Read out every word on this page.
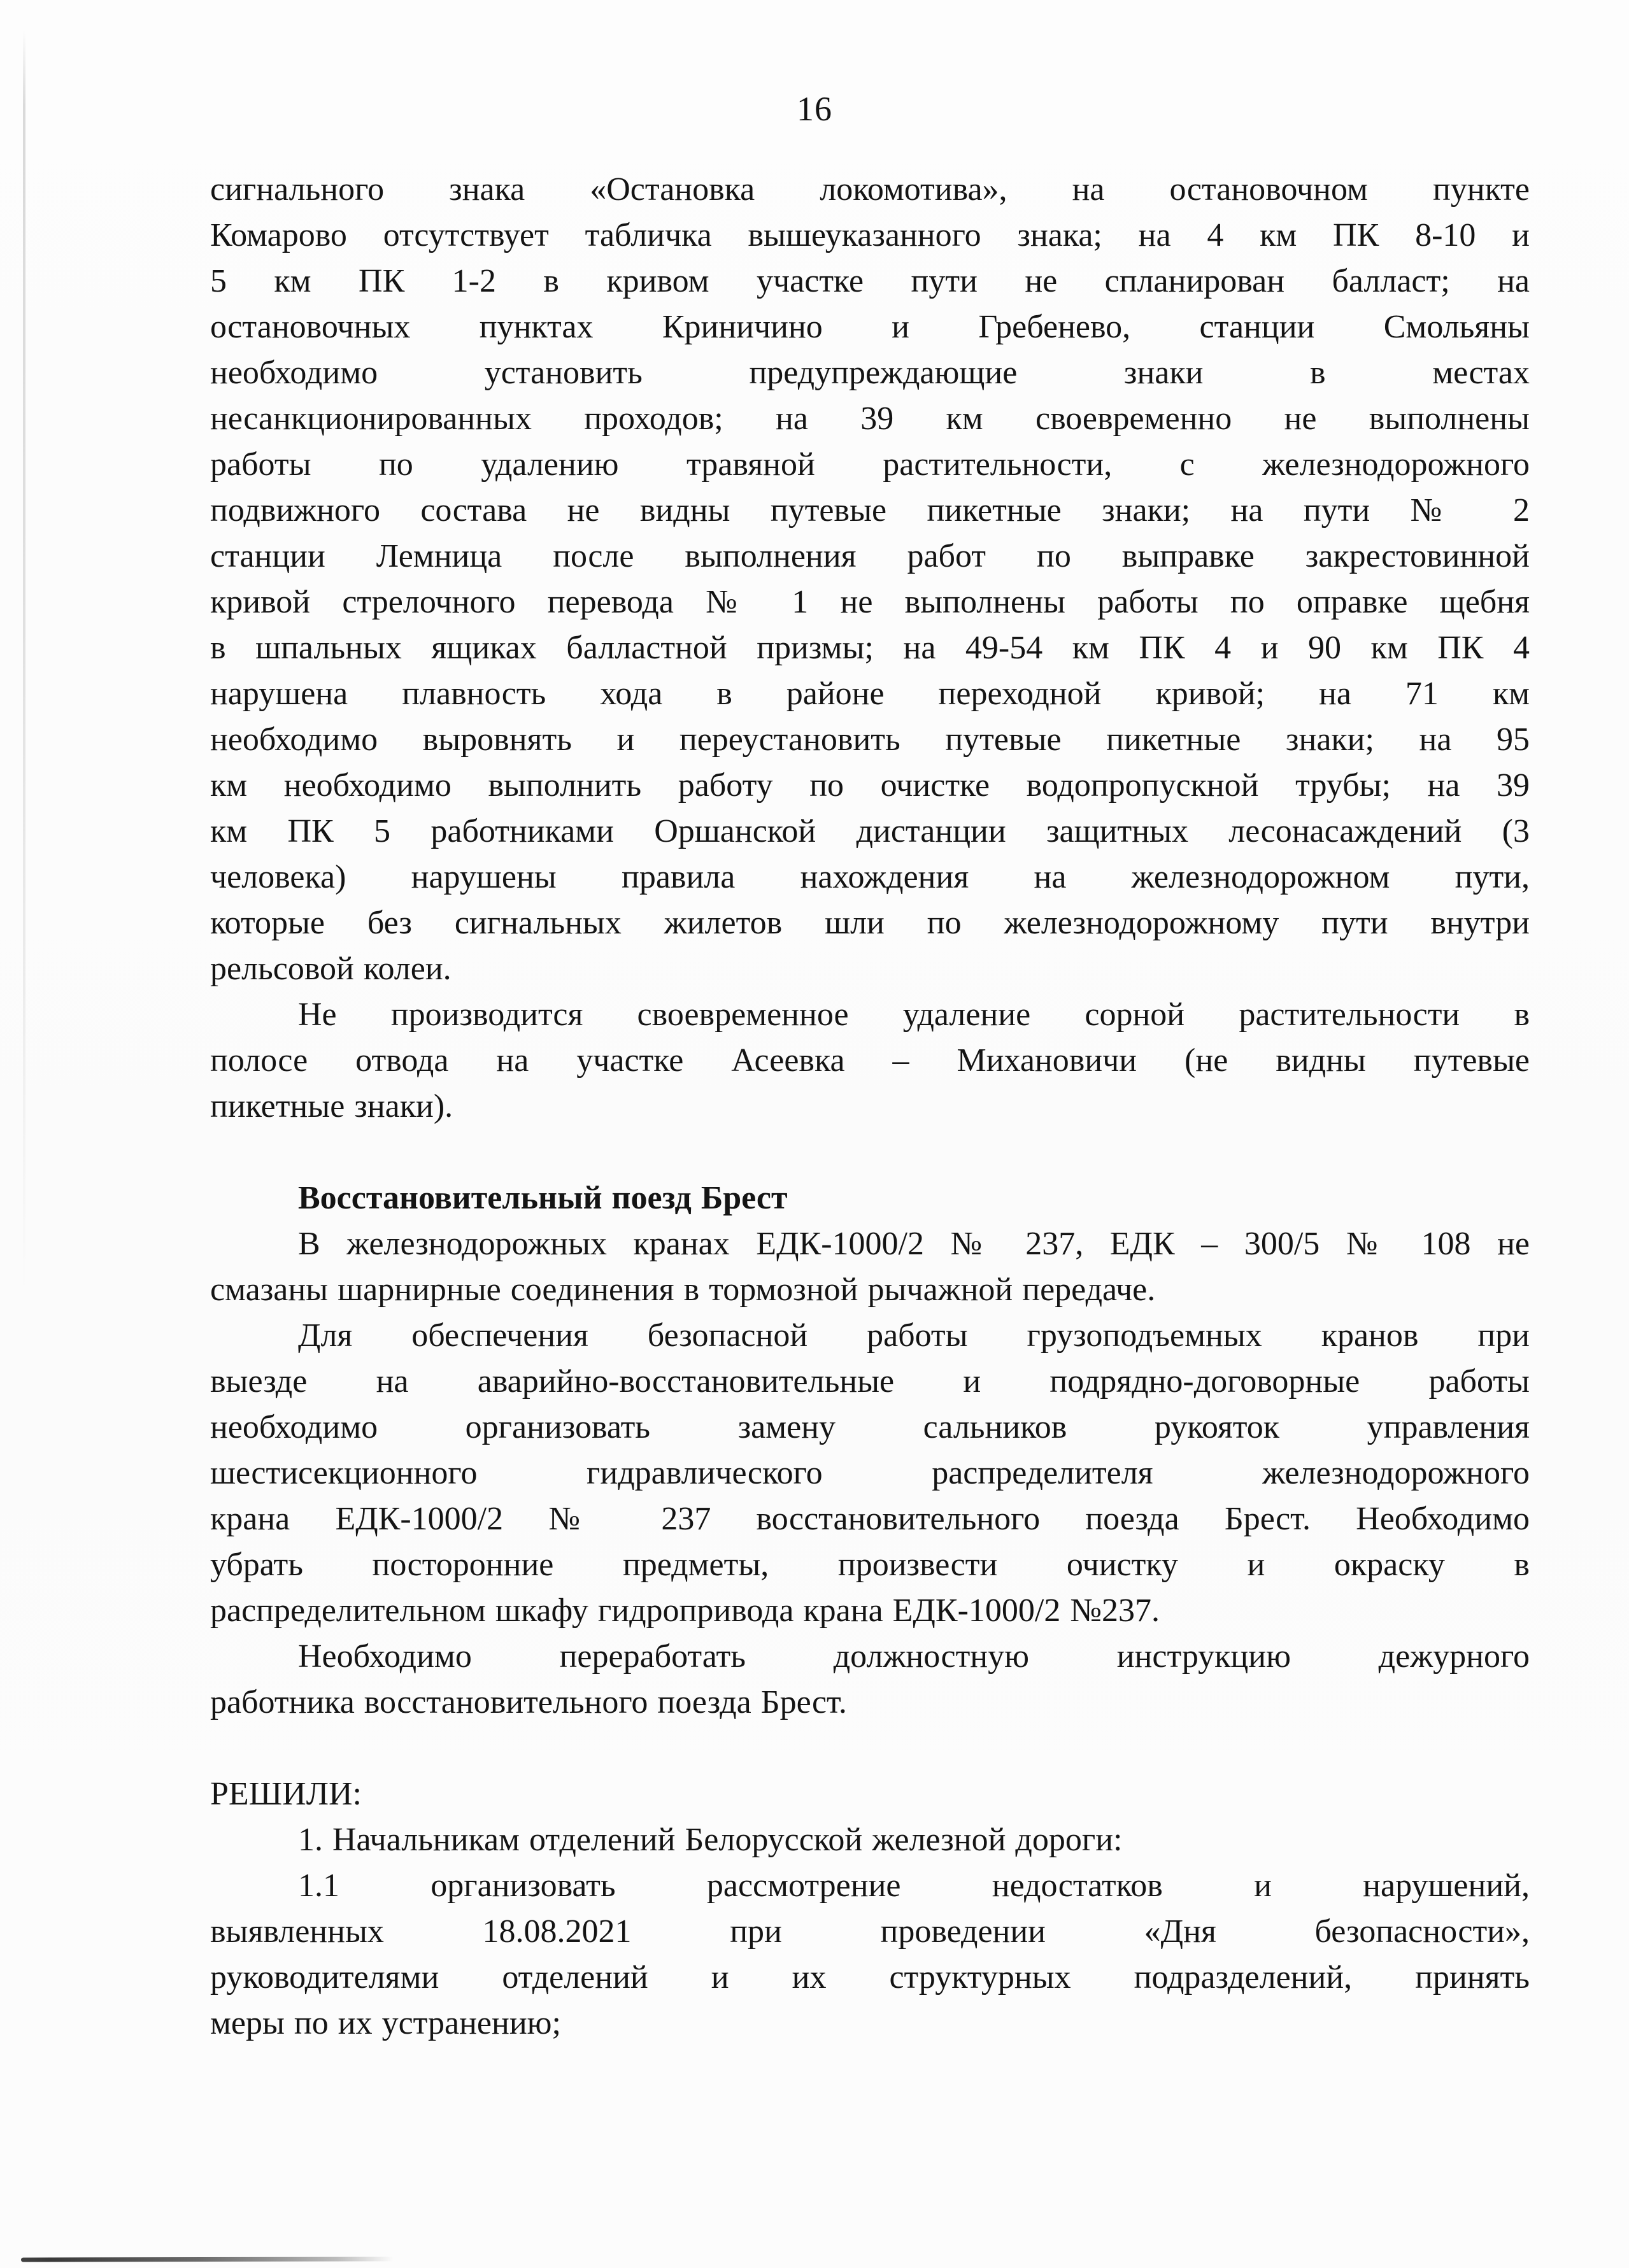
16
сигнального знака «Остановка локомотива», на остановочном пункте
Комарово отсутствует табличка вышеуказанного знака; на 4 км ПК 8-10 и
5 км ПК 1-2 в кривом участке пути не спланирован балласт; на
остановочных пунктах Криничино и Гребенево, станции Смольяны
необходимо установить предупреждающие знаки в местах
несанкционированных проходов; на 39 км своевременно не выполнены
работы по удалению травяной растительности, с железнодорожного
подвижного состава не видны путевые пикетные знаки; на пути № 2
станции Лемница после выполнения работ по выправке закрестовинной
кривой стрелочного перевода № 1 не выполнены работы по оправке щебня
в шпальных ящиках балластной призмы; на 49-54 км ПК 4 и 90 км ПК 4
нарушена плавность хода в районе переходной кривой; на 71 км
необходимо выровнять и переустановить путевые пикетные знаки; на 95
км необходимо выполнить работу по очистке водопропускной трубы; на 39
км ПК 5 работниками Оршанской дистанции защитных лесонасаждений (3
человека) нарушены правила нахождения на железнодорожном пути,
которые без сигнальных жилетов шли по железнодорожному пути внутри
рельсовой колеи.
Не производится своевременное удаление сорной растительности в
полосе отвода на участке Асеевка – Михановичи (не видны путевые
пикетные знаки).
Восстановительный поезд Брест
В железнодорожных кранах ЕДК-1000/2 № 237, ЕДК – 300/5 № 108 не
смазаны шарнирные соединения в тормозной рычажной передаче.
Для обеспечения безопасной работы грузоподъемных кранов при
выезде на аварийно-восстановительные и подрядно-договорные работы
необходимо организовать замену сальников рукояток управления
шестисекционного гидравлического распределителя железнодорожного
крана ЕДК-1000/2 № 237 восстановительного поезда Брест. Необходимо
убрать посторонние предметы, произвести очистку и окраску в
распределительном шкафу гидропривода крана ЕДК-1000/2 №237.
Необходимо переработать должностную инструкцию дежурного
работника восстановительного поезда Брест.
РЕШИЛИ:
1. Начальникам отделений Белорусской железной дороги:
1.1 организовать рассмотрение недостатков и нарушений,
выявленных 18.08.2021 при проведении «Дня безопасности»,
руководителями отделений и их структурных подразделений, принять
меры по их устранению;
